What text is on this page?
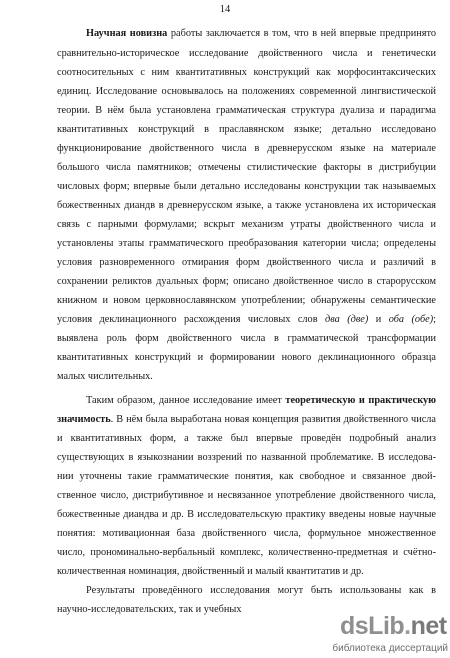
14
Научная новизна работы заключается в том, что в ней впервые предпринято
сравнительно-историческое исследование двойственного числа и генетически
соотносительных с ним квантитативных конструкций как морфосинтаксических
единиц. Исследование основывалось на положениях современной лингвистической
теории. В нём была установлена грамматическая структура дуализа и парадигма
квантитативных конструкций в праславянском языке; детально исследовано
функционирование двойственного числа в древнерусском языке на материале
большого числа памятников; отмечены стилистические факторы в дистрибуции
числовых форм; впервые были детально исследованы конструкции так называемых
божественных диандв в древнерусском языке, а также установлена их историческая
связь с парными формулами; вскрыт механизм утраты двойственного числа и
установлены этапы грамматического преобразования категории числа; определены
условия разновременного отмирания форм двойственного числа и различий в
сохранении реликтов дуальных форм; описано двойственное число в старорусском
книжном и новом церковнославянском употреблении; обнаружены семантические
условия деклинационного расхождения числовых слов два (две) и оба (обе);
выявлена роль форм двойственного числа в грамматической трансформации
квантитативных конструкций и формировании нового деклинационного образца
малых числительных.
Таким образом, данное исследование имеет теоретическую и практическую
значимость. В нём была выработана новая концепция развития двойственного числа
и квантитативных форм, а также был впервые проведён подробный анализ
существующих в языкознании воззрений по названной проблематике. В исследова-
нии уточнены такие грамматические понятия, как свободное и связанное двой-
ственное число, дистрибутивное и несвязанное употребление двойственного числа,
божественные диандва и др. В исследовательскую практику введены новые научные
понятия: мотивационная база двойственного числа, формульное множественное
число, прономинально-вербальный комплекс, количественно-предметная и счётно-
количественная номинация, двойственный и малый квантитатив и др.
Результаты проведённого исследования могут быть использованы как в
научно-исследовательских, так и учебных
dsLib.net
библиотека диссертаций
